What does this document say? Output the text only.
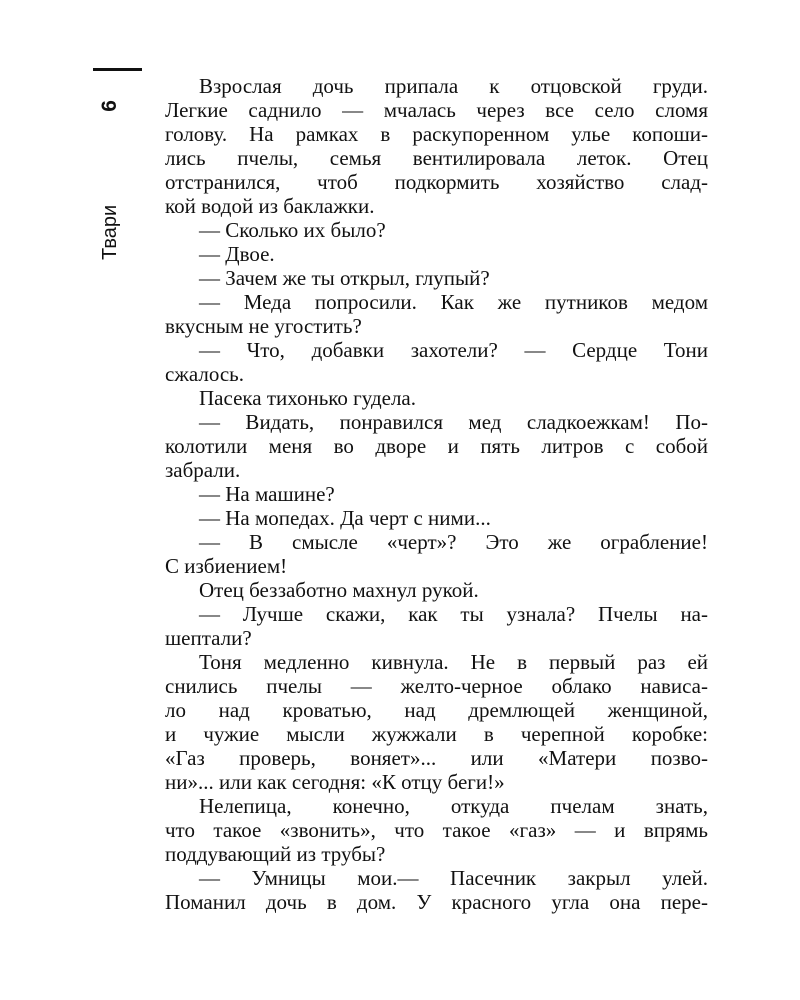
6
Твари
Взрослая дочь припала к отцовской груди.
Легкие саднило — мчалась через все село сломя
голову. На рамках в раскупоренном улье копоши-
лись пчелы, семья вентилировала леток. Отец
отстранился, чтоб подкормить хозяйство слад-
кой водой из баклажки.
— Сколько их было?
— Двое.
— Зачем же ты открыл, глупый?
— Меда попросили. Как же путников медом
вкусным не угостить?
— Что, добавки захотели? — Сердце Тони
сжалось.
Пасека тихонько гудела.
— Видать, понравился мед сладкоежкам! По-
колотили меня во дворе и пять литров с собой
забрали.
— На машине?
— На мопедах. Да черт с ними...
— В смысле «черт»? Это же ограбление!
С избиением!
Отец беззаботно махнул рукой.
— Лучше скажи, как ты узнала? Пчелы на-
шептали?
Тоня медленно кивнула. Не в первый раз ей
снились пчелы — желто-черное облако нависа-
ло над кроватью, над дремлющей женщиной,
и чужие мысли жужжали в черепной коробке:
«Газ проверь, воняет»... или «Матери позво-
ни»... или как сегодня: «К отцу беги!»
Нелепица, конечно, откуда пчелам знать,
что такое «звонить», что такое «газ» — и впрямь
поддувающий из трубы?
— Умницы мои.— Пасечник закрыл улей.
Поманил дочь в дом. У красного угла она пере-
